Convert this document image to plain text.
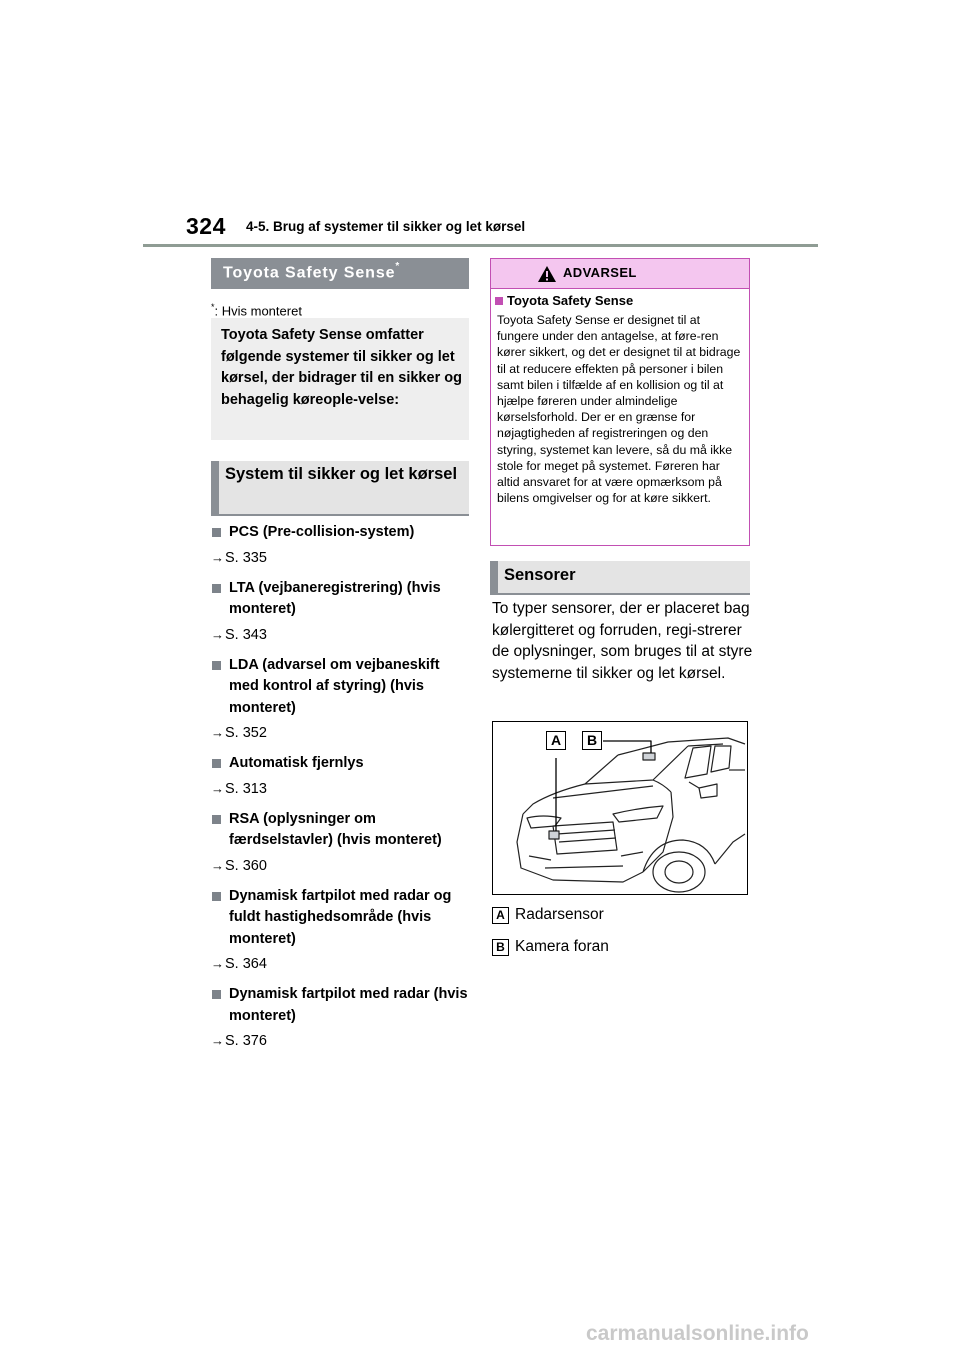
324 4-5. Brug af systemer til sikker og let kørsel
Toyota Safety Sense*
*: Hvis monteret
Toyota Safety Sense omfatter følgende systemer til sikker og let kørsel, der bidrager til en sikker og behagelig køreople-velse:
System til sikker og let kørsel
PCS (Pre-collision-system)
→S. 335
LTA (vejbaneregistrering) (hvis monteret)
→S. 343
LDA (advarsel om vejbaneskift med kontrol af styring) (hvis monteret)
→S. 352
Automatisk fjernlys
→S. 313
RSA (oplysninger om færdselstavler) (hvis monteret)
→S. 360
Dynamisk fartpilot med radar og fuldt hastighedsområde (hvis monteret)
→S. 364
Dynamisk fartpilot med radar (hvis monteret)
→S. 376
ADVARSEL
Toyota Safety Sense
Toyota Safety Sense er designet til at fungere under den antagelse, at føre-ren kører sikkert, og det er designet til at bidrage til at reducere effekten på personer i bilen samt bilen i tilfælde af en kollision og til at hjælpe føreren under almindelige kørselsforhold. Der er en grænse for nøjagtigheden af registreringen og den styring, systemet kan levere, så du må ikke stole for meget på systemet. Føreren har altid ansvaret for at være opmærksom på bilens omgivelser og for at køre sikkert.
Sensorer
To typer sensorer, der er placeret bag kølergitteret og forruden, regi-strerer de oplysninger, som bruges til at styre systemerne til sikker og let kørsel.
A	B
A Radarsensor
B Kamera foran
carmanualsonline.info
